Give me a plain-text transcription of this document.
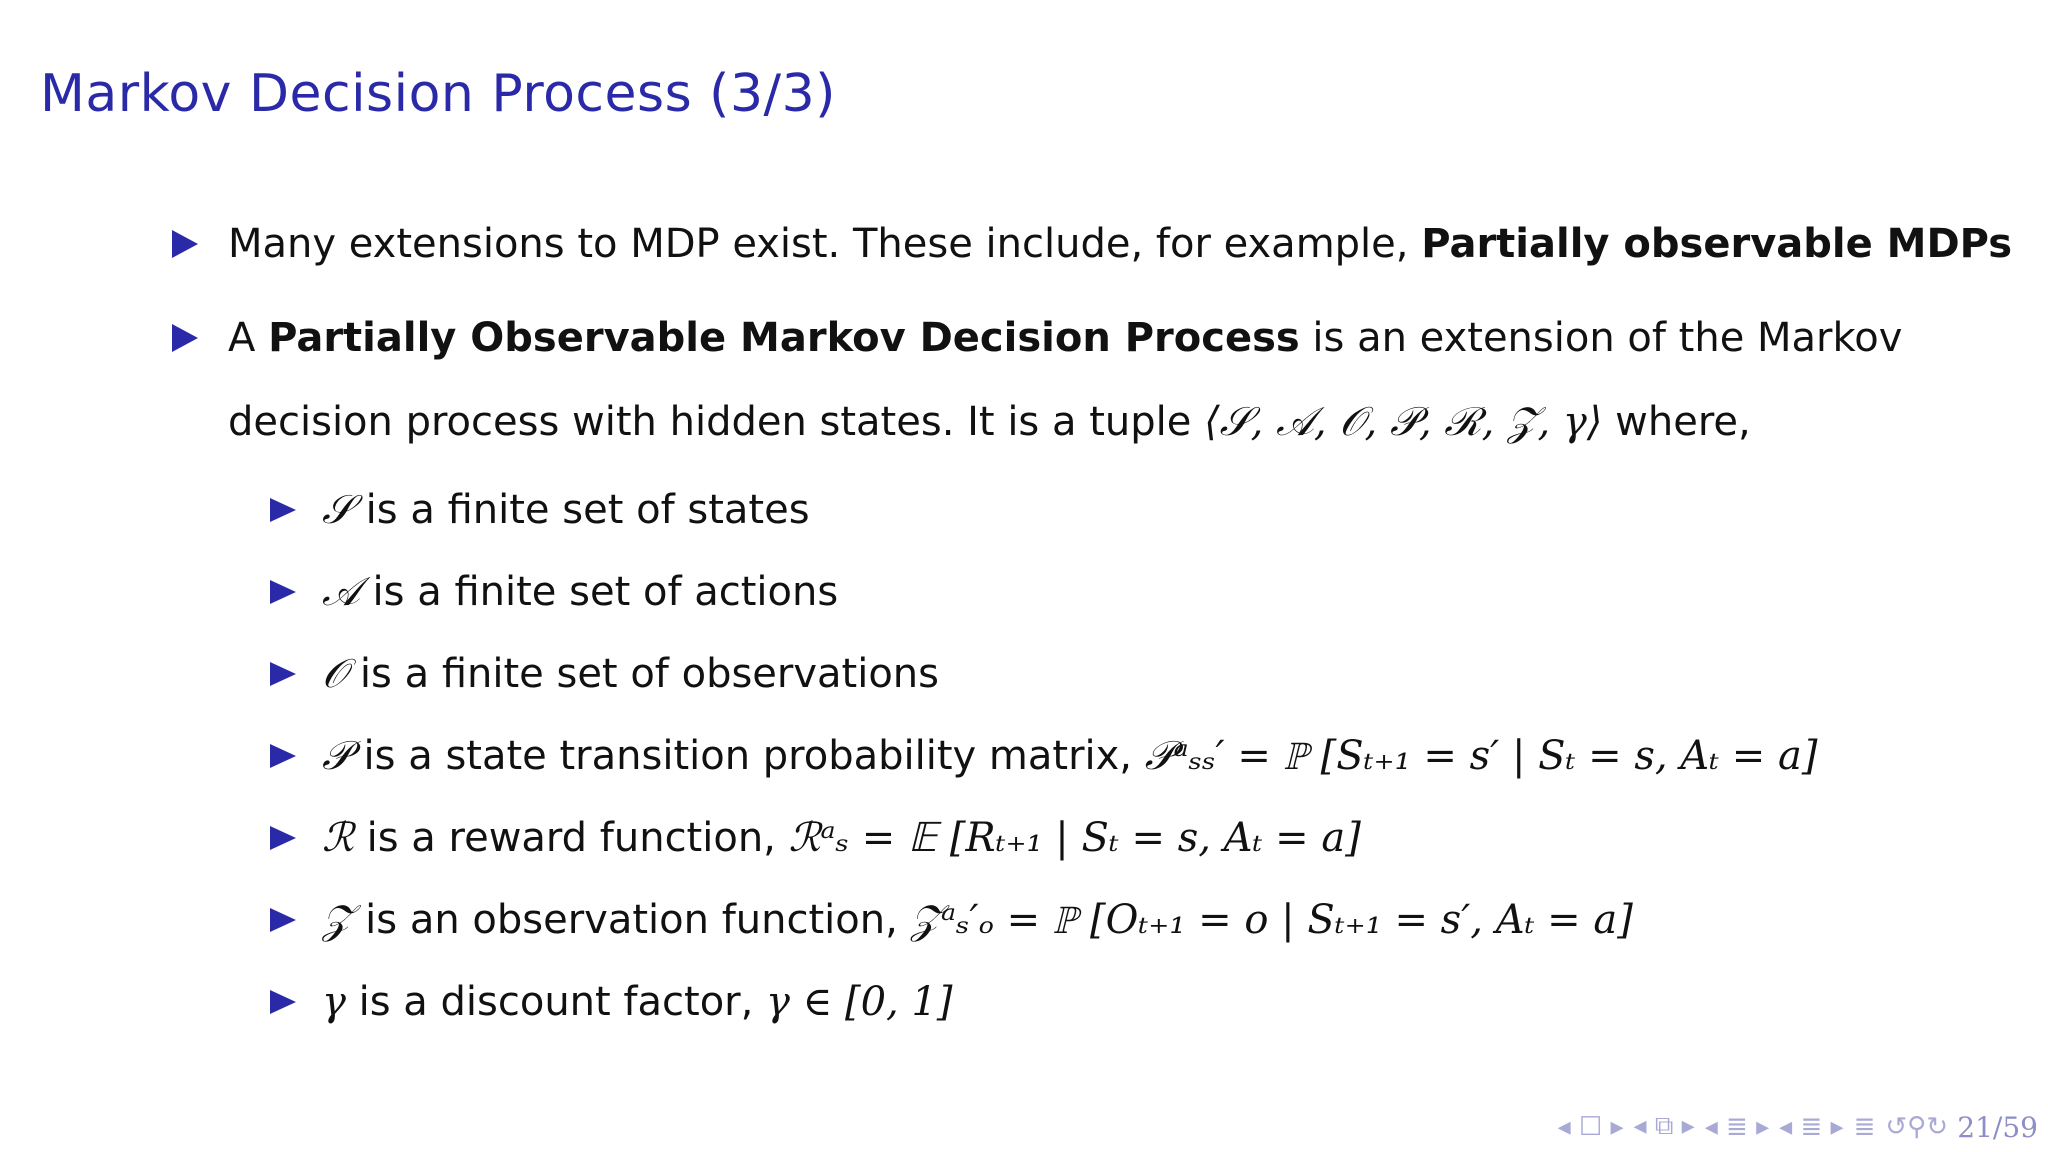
Markov Decision Process (3/3)
Many extensions to MDP exist. These include, for example, Partially observable MDPs
A Partially Observable Markov Decision Process is an extension of the Markov
decision process with hidden states. It is a tuple ⟨𝒮, 𝒜, 𝒪, 𝒫, ℛ, 𝒵, γ⟩ where,
𝒮 is a finite set of states
𝒜 is a finite set of actions
𝒪 is a finite set of observations
𝒫 is a state transition probability matrix, 𝒫ᵃₛₛ′ = ℙ [Sₜ₊₁ = s′ | Sₜ = s, Aₜ = a]
ℛ is a reward function, ℛᵃₛ = 𝔼 [Rₜ₊₁ | Sₜ = s, Aₜ = a]
𝒵 is an observation function, 𝒵ᵃₛ′ₒ = ℙ [Oₜ₊₁ = o | Sₜ₊₁ = s′, Aₜ = a]
γ is a discount factor, γ ∈ [0, 1]
◂ ☐ ▸ ◂ ⧉ ▸ ◂ ≣ ▸ ◂ ≣ ▸ ≣ ↺⚲↻ 21/59
